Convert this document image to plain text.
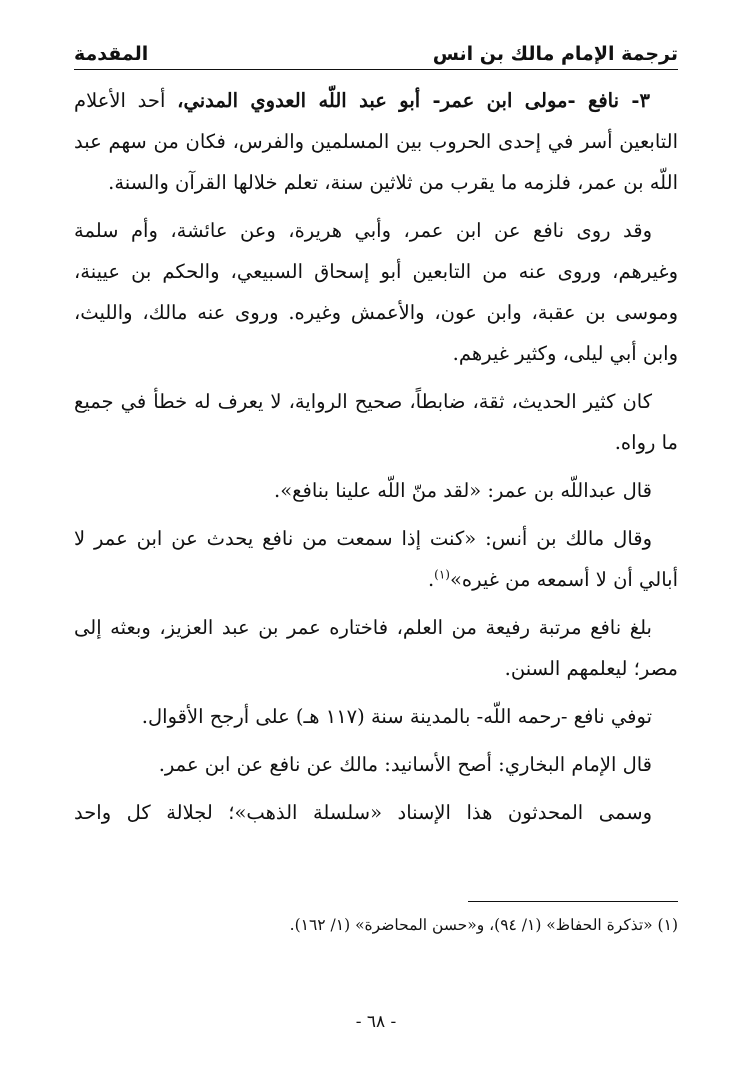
ترجمة الإمام مالك بن انس
المقدمة

٣- نافع -مولى ابن عمر- أبو عبد اللّه العدوي المدني، أحد الأعلام التابعين أسر في إحدى الحروب بين المسلمين والفرس، فكان من سهم عبد اللّه بن عمر، فلزمه ما يقرب من ثلاثين سنة، تعلم خلالها القرآن والسنة.

وقد روى نافع عن ابن عمر، وأبي هريرة، وعن عائشة، وأم سلمة وغيرهم، وروى عنه من التابعين أبو إسحاق السبيعي، والحكم بن عيينة، وموسى بن عقبة، وابن عون، والأعمش وغيره. وروى عنه مالك، والليث، وابن أبي ليلى، وكثير غيرهم.

كان كثير الحديث، ثقة، ضابطاً، صحيح الرواية، لا يعرف له خطأ في جميع ما رواه.

قال عبداللّه بن عمر: «لقد منّ اللّه علينا بنافع».

وقال مالك بن أنس: «كنت إذا سمعت من نافع يحدث عن ابن عمر لا أبالي أن لا أسمعه من غيره»$^{(١)}$.

بلغ نافع مرتبة رفيعة من العلم، فاختاره عمر بن عبد العزيز، وبعثه إلى مصر؛ ليعلمهم السنن.

توفي نافع -رحمه اللّه- بالمدينة سنة (١١٧ هـ) على أرجح الأقوال.

قال الإمام البخاري: أصح الأسانيد: مالك عن نافع عن ابن عمر.

وسمى المحدثون هذا الإسناد «سلسلة الذهب»؛ لجلالة كل واحد

(١) «تذكرة الحفاظ» (١/ ٩٤)، و«حسن المحاضرة» (١/ ١٦٢).
- ٦٨ -
